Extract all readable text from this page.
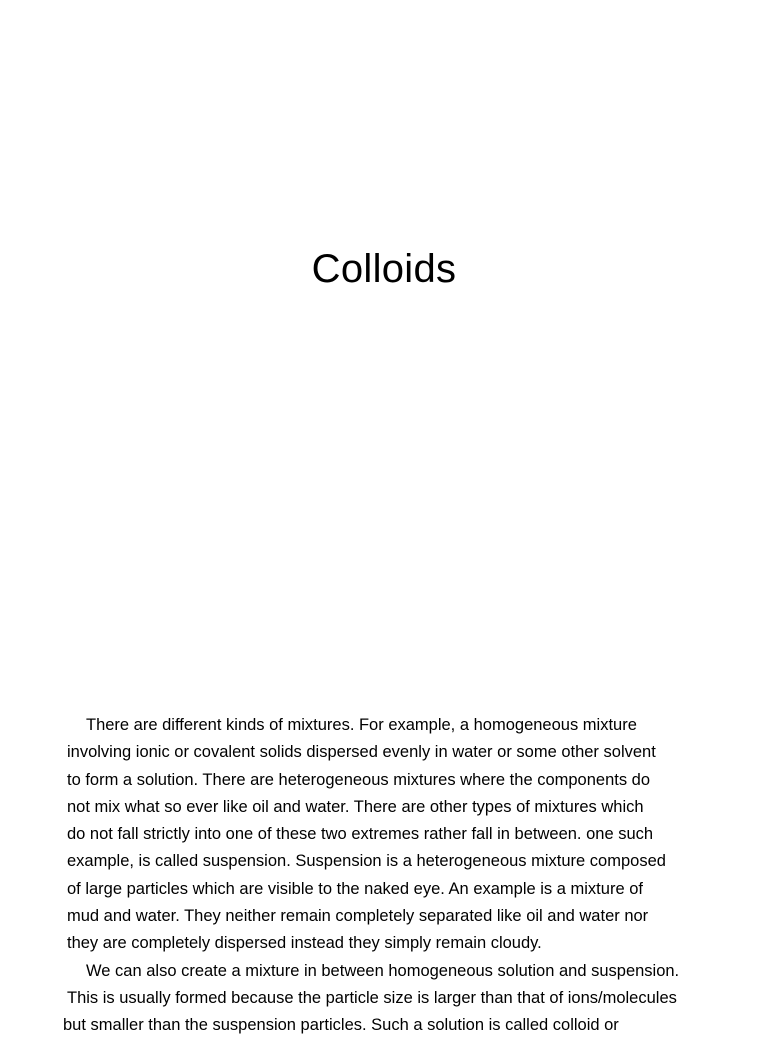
Colloids
There are different kinds of mixtures. For example, a homogeneous mixture
involving ionic or covalent solids dispersed evenly in water or some other solvent
to form a solution. There are heterogeneous mixtures where the components do
not mix what so ever like oil and water. There are other types of mixtures which
do not fall strictly into one of these two extremes rather fall in between. one such
example, is called suspension. Suspension is a heterogeneous mixture composed
of large particles which are visible to the naked eye. An example is a mixture of
mud and water. They neither remain completely separated like oil and water nor
they are completely dispersed instead they simply remain cloudy.
We can also create a mixture in between homogeneous solution and suspension.
This is usually formed because the particle size is larger than that of ions/molecules
but smaller than the suspension particles. Such a solution is called colloid or
